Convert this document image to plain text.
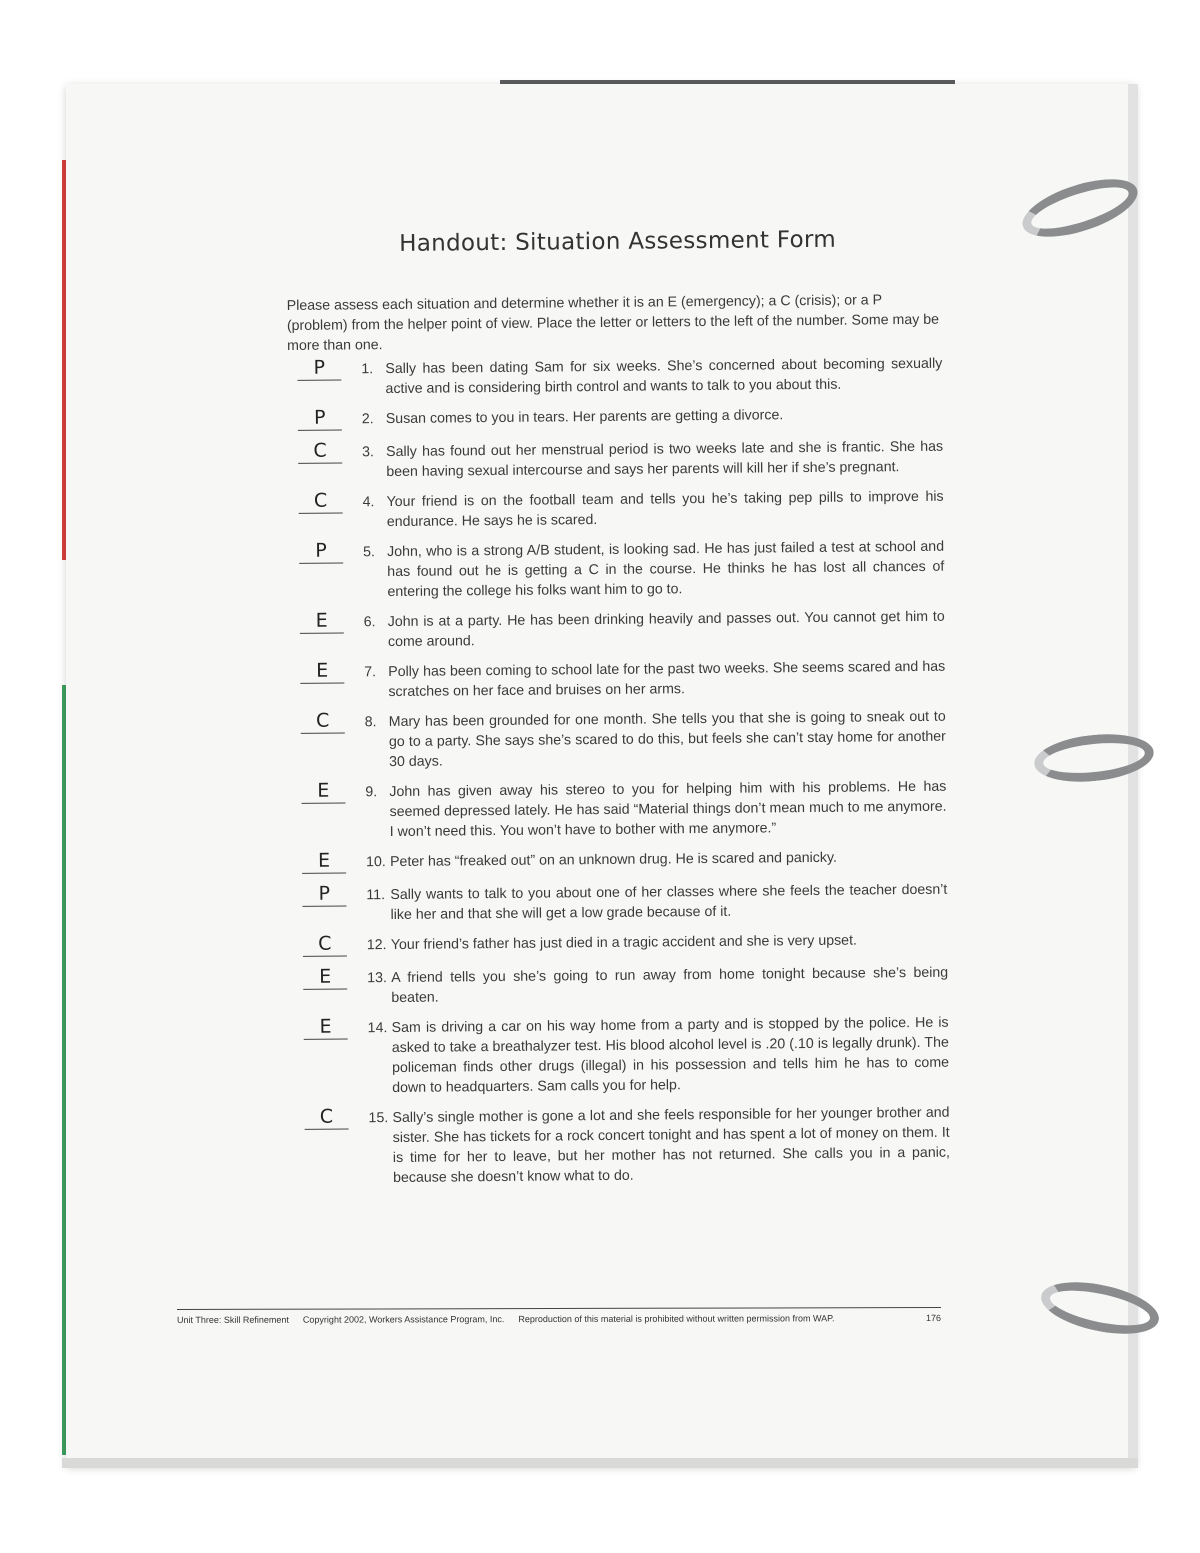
Handout: Situation Assessment Form
Please assess each situation and determine whether it is an E (emergency); a C (crisis); or a P (problem) from the helper point of view. Place the letter or letters to the left of the number. Some may be more than one.
P	1. Sally has been dating Sam for six weeks. She’s concerned about becoming sexually active and is considering birth control and wants to talk to you about this.
P	2. Susan comes to you in tears. Her parents are getting a divorce.
C	3. Sally has found out her menstrual period is two weeks late and she is frantic. She has been having sexual intercourse and says her parents will kill her if she’s pregnant.
C	4. Your friend is on the football team and tells you he’s taking pep pills to improve his endurance. He says he is scared.
P	5. John, who is a strong A/B student, is looking sad. He has just failed a test at school and has found out he is getting a C in the course. He thinks he has lost all chances of entering the college his folks want him to go to.
E	6. John is at a party. He has been drinking heavily and passes out. You cannot get him to come around.
E	7. Polly has been coming to school late for the past two weeks. She seems scared and has scratches on her face and bruises on her arms.
C	8. Mary has been grounded for one month. She tells you that she is going to sneak out to go to a party. She says she’s scared to do this, but feels she can’t stay home for another 30 days.
E	9. John has given away his stereo to you for helping him with his problems. He has seemed depressed lately. He has said “Material things don’t mean much to me anymore. I won’t need this. You won’t have to bother with me anymore.”
E	10. Peter has “freaked out” on an unknown drug. He is scared and panicky.
P	11. Sally wants to talk to you about one of her classes where she feels the teacher doesn’t like her and that she will get a low grade because of it.
C	12. Your friend’s father has just died in a tragic accident and she is very upset.
E	13. A friend tells you she’s going to run away from home tonight because she’s being beaten.
E	14. Sam is driving a car on his way home from a party and is stopped by the police. He is asked to take a breathalyzer test. His blood alcohol level is .20 (.10 is legally drunk). The policeman finds other drugs (illegal) in his possession and tells him he has to come down to headquarters. Sam calls you for help.
C	15. Sally’s single mother is gone a lot and she feels responsible for her younger brother and sister. She has tickets for a rock concert tonight and has spent a lot of money on them. It is time for her to leave, but her mother has not returned. She calls you in a panic, because she doesn’t know what to do.
Unit Three: Skill Refinement Copyright 2002, Workers Assistance Program, Inc. Reproduction of this material is prohibited without written permission from WAP.	176
